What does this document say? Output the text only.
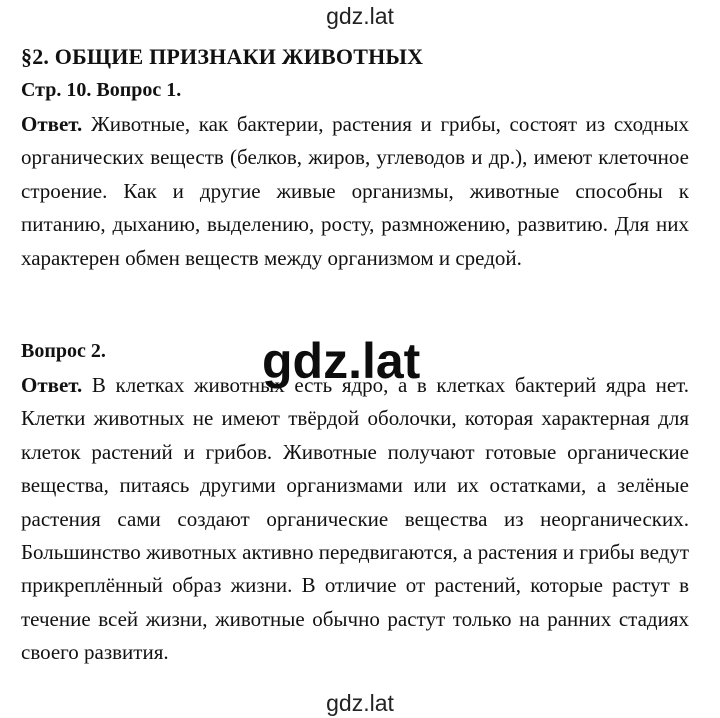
gdz.lat
§2. ОБЩИЕ ПРИЗНАКИ ЖИВОТНЫХ
Стр. 10. Вопрос 1.
Ответ. Животные, как бактерии, растения и грибы, состоят из сходных органических веществ (белков, жиров, углеводов и др.), имеют клеточное строение. Как и другие живые организмы, животные способны к питанию, дыханию, выделению, росту, размножению, развитию. Для них характерен обмен веществ между организмом и средой.
Вопрос 2.
Ответ. В клетках животных есть ядро, а в клетках бактерий ядра нет. Клетки животных не имеют твёрдой оболочки, которая характерная для клеток растений и грибов. Животные получают готовые органические вещества, питаясь другими организмами или их остатками, а зелёные растения сами создают органические вещества из неорганических. Большинство животных активно передвигаются, а растения и грибы ведут прикреплённый образ жизни. В отличие от растений, которые растут в течение всей жизни, животные обычно растут только на ранних стадиях своего развития.
gdz.lat
gdz.lat
